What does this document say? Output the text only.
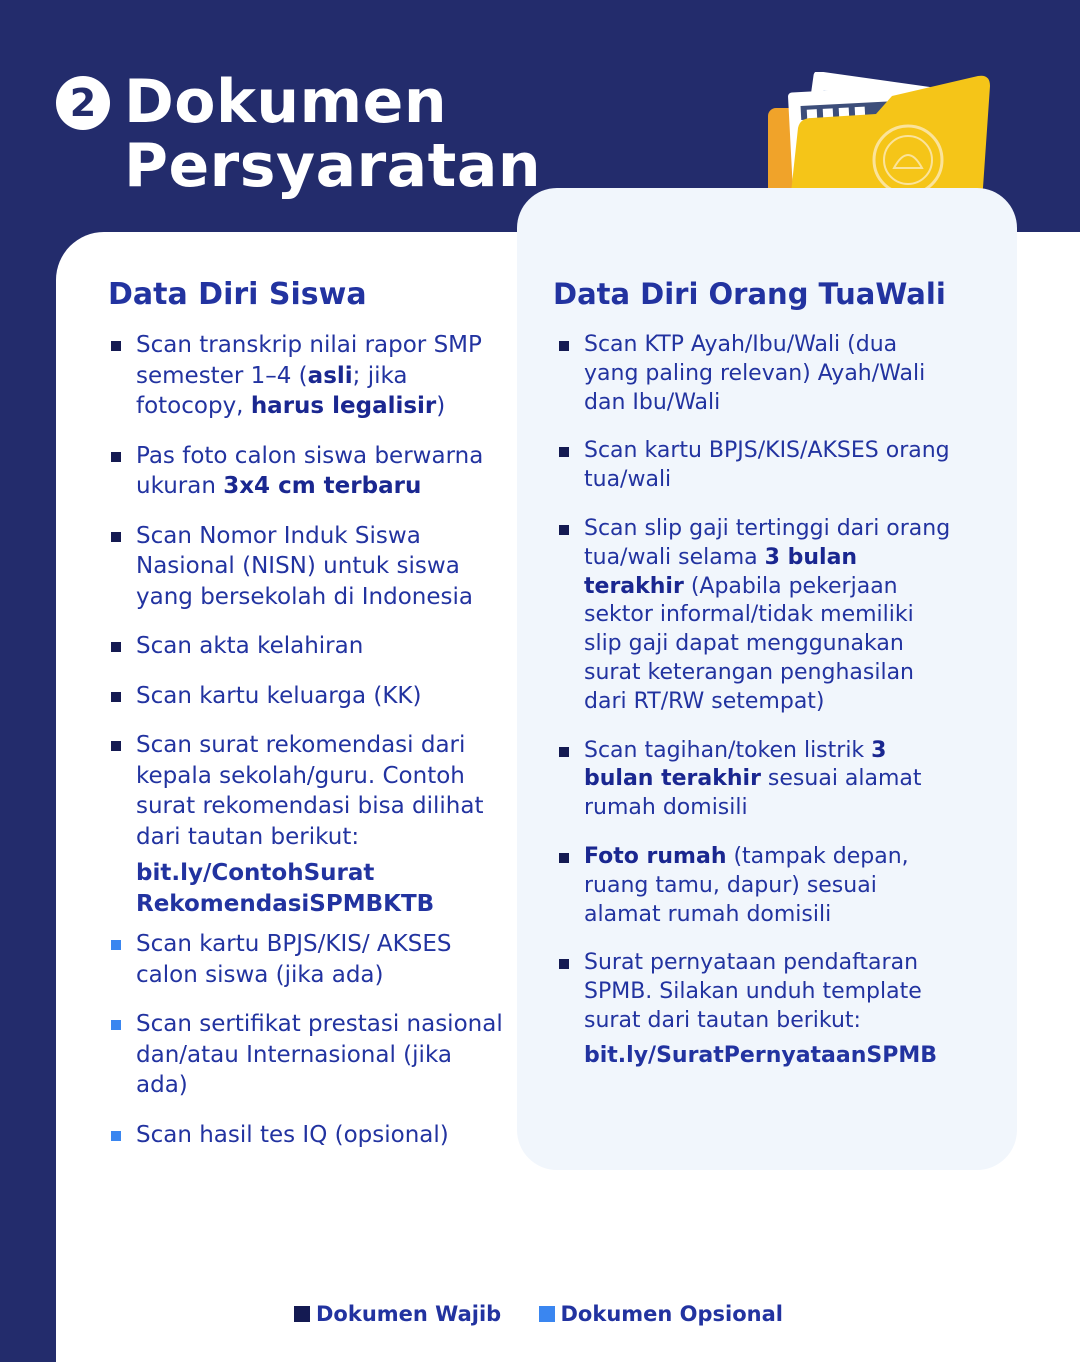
2 Dokumen Persyaratan
Data Diri Siswa	Data Diri Orang TuaWali
Scan transkrip nilai rapor SMP semester 1–4 (asli; jika fotocopy, harus legalisir)
Pas foto calon siswa berwarna ukuran 3x4 cm terbaru
Scan Nomor Induk Siswa Nasional (NISN) untuk siswa yang bersekolah di Indonesia
Scan akta kelahiran
Scan kartu keluarga (KK)
Scan surat rekomendasi dari kepala sekolah/guru. Contoh surat rekomendasi bisa dilihat dari tautan berikut:
bit.ly/ContohSurat RekomendasiSPMBKTB
Scan kartu BPJS/KIS/ AKSES calon siswa (jika ada)
Scan sertifikat prestasi nasional dan/atau Internasional (jika ada)
Scan hasil tes IQ (opsional)
Scan KTP Ayah/Ibu/Wali (dua yang paling relevan) Ayah/Wali dan Ibu/Wali
Scan kartu BPJS/KIS/AKSES orang tua/wali
Scan slip gaji tertinggi dari orang tua/wali selama 3 bulan terakhir (Apabila pekerjaan sektor informal/tidak memiliki slip gaji dapat menggunakan surat keterangan penghasilan dari RT/RW setempat)
Scan tagihan/token listrik 3 bulan terakhir sesuai alamat rumah domisili
Foto rumah (tampak depan, ruang tamu, dapur) sesuai alamat rumah domisili
Surat pernyataan pendaftaran SPMB. Silakan unduh template surat dari tautan berikut:
bit.ly/SuratPernyataanSPMB
Dokumen Wajib	Dokumen Opsional
